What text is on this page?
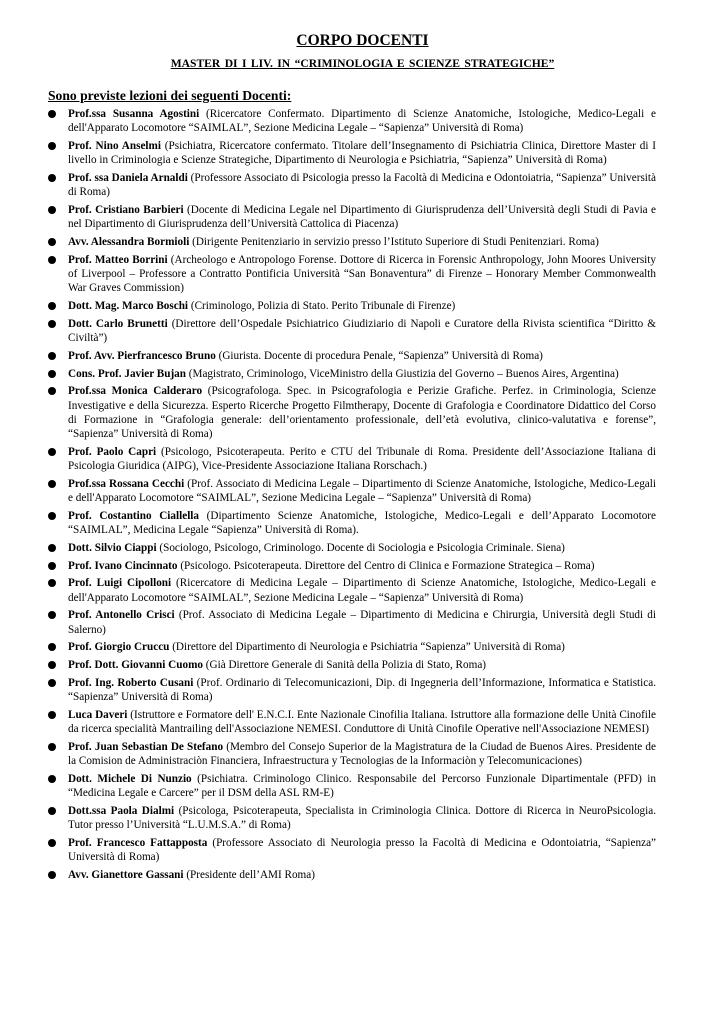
CORPO DOCENTI
MASTER DI I LIV. IN “CRIMINOLOGIA E SCIENZE STRATEGICHE”
Sono previste lezioni dei seguenti Docenti:
Prof.ssa Susanna Agostini (Ricercatore Confermato. Dipartimento di Scienze Anatomiche, Istologiche, Medico-Legali e dell'Apparato Locomotore “SAIMLAL”, Sezione Medicina Legale – “Sapienza” Università di Roma)
Prof. Nino Anselmi (Psichiatra, Ricercatore confermato. Titolare dell’Insegnamento di Psichiatria Clinica, Direttore Master di I livello in Criminologia e Scienze Strategiche, Dipartimento di Neurologia e Psichiatria, “Sapienza” Università di Roma)
Prof. ssa Daniela Arnaldi (Professore Associato di Psicologia presso la Facoltà di Medicina e Odontoiatria, “Sapienza” Università di Roma)
Prof. Cristiano Barbieri (Docente di Medicina Legale nel Dipartimento di Giurisprudenza dell’Università degli Studi di Pavia e nel Dipartimento di Giurisprudenza dell’Università Cattolica di Piacenza)
Avv. Alessandra Bormioli (Dirigente Penitenziario in servizio presso l’Istituto Superiore di Studi Penitenziari. Roma)
Prof. Matteo Borrini (Archeologo e Antropologo Forense. Dottore di Ricerca in Forensic Anthropology, John Moores University of Liverpool – Professore a Contratto Pontificia Università “San Bonaventura” di Firenze – Honorary Member Commonwealth War Graves Commission)
Dott. Mag. Marco Boschi (Criminologo, Polizia di Stato. Perito Tribunale di Firenze)
Dott. Carlo Brunetti (Direttore dell’Ospedale Psichiatrico Giudiziario di Napoli e Curatore della Rivista scientifica “Diritto & Civiltà”)
Prof. Avv. Pierfrancesco Bruno (Giurista. Docente di procedura Penale, “Sapienza” Università di Roma)
Cons. Prof. Javier Bujan (Magistrato, Criminologo, ViceMinistro della Giustizia del Governo – Buenos Aires, Argentina)
Prof.ssa Monica Calderaro (Psicografologa. Spec. in Psicografologia e Perizie Grafiche. Perfez. in Criminologia, Scienze Investigative e della Sicurezza. Esperto Ricerche Progetto Filmtherapy, Docente di Grafologia e Coordinatore Didattico del Corso di Formazione in “Grafologia generale: dell’orientamento professionale, dell’età evolutiva, clinico-valutativa e forense”, “Sapienza” Università di Roma)
Prof. Paolo Capri (Psicologo, Psicoterapeuta. Perito e CTU del Tribunale di Roma. Presidente dell’Associazione Italiana di Psicologia Giuridica (AIPG), Vice-Presidente Associazione Italiana Rorschach.)
Prof.ssa Rossana Cecchi (Prof. Associato di Medicina Legale – Dipartimento di Scienze Anatomiche, Istologiche, Medico-Legali e dell'Apparato Locomotore “SAIMLAL”, Sezione Medicina Legale – “Sapienza” Università di Roma)
Prof. Costantino Ciallella (Dipartimento Scienze Anatomiche, Istologiche, Medico-Legali e dell’Apparato Locomotore “SAIMLAL”, Medicina Legale “Sapienza” Università di Roma).
Dott. Silvio Ciappi (Sociologo, Psicologo, Criminologo. Docente di Sociologia e Psicologia Criminale. Siena)
Prof. Ivano Cincinnato (Psicologo. Psicoterapeuta. Direttore del Centro di Clinica e Formazione Strategica – Roma)
Prof. Luigi Cipolloni (Ricercatore di Medicina Legale – Dipartimento di Scienze Anatomiche, Istologiche, Medico-Legali e dell'Apparato Locomotore “SAIMLAL”, Sezione Medicina Legale – “Sapienza” Università di Roma)
Prof. Antonello Crisci (Prof. Associato di Medicina Legale – Dipartimento di Medicina e Chirurgia, Università degli Studi di Salerno)
Prof. Giorgio Cruccu (Direttore del Dipartimento di Neurologia e Psichiatria “Sapienza” Università di Roma)
Prof. Dott. Giovanni Cuomo (Già Direttore Generale di Sanità della Polizia di Stato, Roma)
Prof. Ing. Roberto Cusani (Prof. Ordinario di Telecomunicazioni, Dip. di Ingegneria dell’Informazione, Informatica e Statistica. “Sapienza” Università di Roma)
Luca Daveri (Istruttore e Formatore dell' E.N.C.I. Ente Nazionale Cinofilia Italiana. Istruttore alla formazione delle Unità Cinofile da ricerca specialità Mantrailing dell'Associazione NEMESI. Conduttore di Unità Cinofile Operative nell'Associazione NEMESI)
Prof. Juan Sebastian De Stefano (Membro del Consejo Superior de la Magistratura de la Ciudad de Buenos Aires. Presidente de la Comision de Administraciòn Financiera, Infraestructura y Tecnologias de la Informaciòn y Telecomunicaciones)
Dott. Michele Di Nunzio (Psichiatra. Criminologo Clinico. Responsabile del Percorso Funzionale Dipartimentale (PFD) in “Medicina Legale e Carcere” per il DSM della ASL RM-E)
Dott.ssa Paola Dialmi (Psicologa, Psicoterapeuta, Specialista in Criminologia Clinica. Dottore di Ricerca in NeuroPsicologia. Tutor presso l’Università “L.U.M.S.A.” di Roma)
Prof. Francesco Fattapposta (Professore Associato di Neurologia presso la Facoltà di Medicina e Odontoiatria, “Sapienza” Università di Roma)
Avv. Gianettore Gassani (Presidente dell’AMI Roma)
